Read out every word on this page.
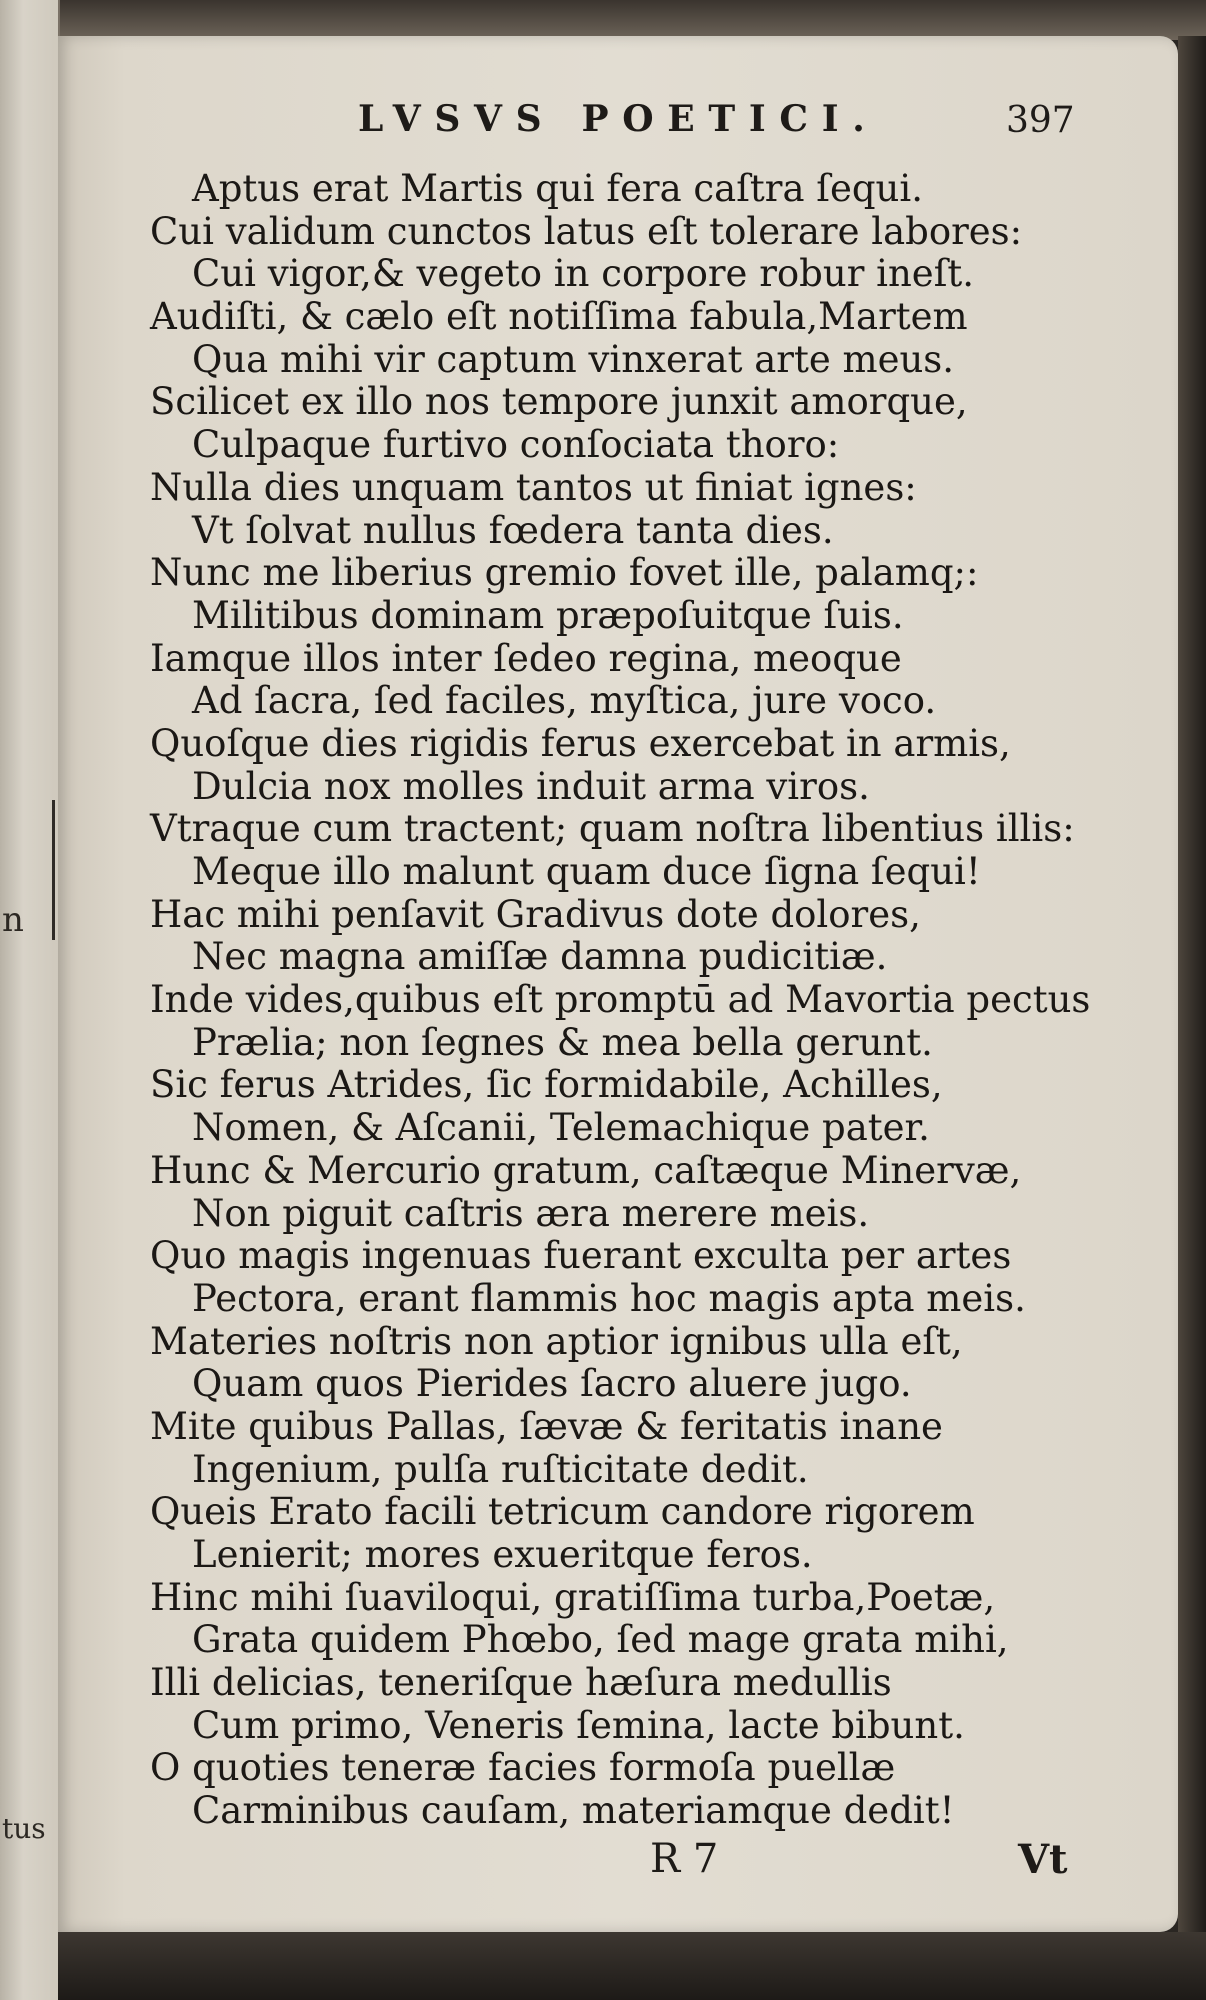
n
tus
LVSVS POETICI.	397
Aptus erat Martis qui fera caſtra ſequi.
Cui validum cunctos latus eſt tolerare labores:
Cui vigor,& vegeto in corpore robur ineſt.
Audiſti, & cælo eſt notiſſima fabula,Martem
Qua mihi vir captum vinxerat arte meus.
Scilicet ex illo nos tempore junxit amorque,
Culpaque furtivo conſociata thoro:
Nulla dies unquam tantos ut finiat ignes:
Vt ſolvat nullus fœdera tanta dies.
Nunc me liberius gremio fovet ille, palamq;:
Militibus dominam præpoſuitque ſuis.
Iamque illos inter ſedeo regina, meoque
Ad ſacra, ſed faciles, myſtica, jure voco.
Quoſque dies rigidis ferus exercebat in armis,
Dulcia nox molles induit arma viros.
Vtraque cum tractent; quam noſtra libentius illis:
Meque illo malunt quam duce ſigna ſequi!
Hac mihi penſavit Gradivus dote dolores,
Nec magna amiſſæ damna pudicitiæ.
Inde vides,quibus eſt promptū ad Mavortia pectus
Prælia; non ſegnes & mea bella gerunt.
Sic ferus Atrides, ſic formidabile, Achilles,
Nomen, & Aſcanii, Telemachique pater.
Hunc & Mercurio gratum, caſtæque Minervæ,
Non piguit caſtris æra merere meis.
Quo magis ingenuas fuerant exculta per artes
Pectora, erant flammis hoc magis apta meis.
Materies noſtris non aptior ignibus ulla eſt,
Quam quos Pierides ſacro aluere jugo.
Mite quibus Pallas, ſævæ & feritatis inane
Ingenium, pulſa ruſticitate dedit.
Queis Erato facili tetricum candore rigorem
Lenierit; mores exueritque feros.
Hinc mihi ſuaviloqui, gratiſſima turba,Poetæ,
Grata quidem Phœbo, ſed mage grata mihi,
Illi delicias, teneriſque hæſura medullis
Cum primo, Veneris ſemina, lacte bibunt.
O quoties teneræ facies formoſa puellæ
Carminibus cauſam, materiamque dedit!
R 7	Vt
